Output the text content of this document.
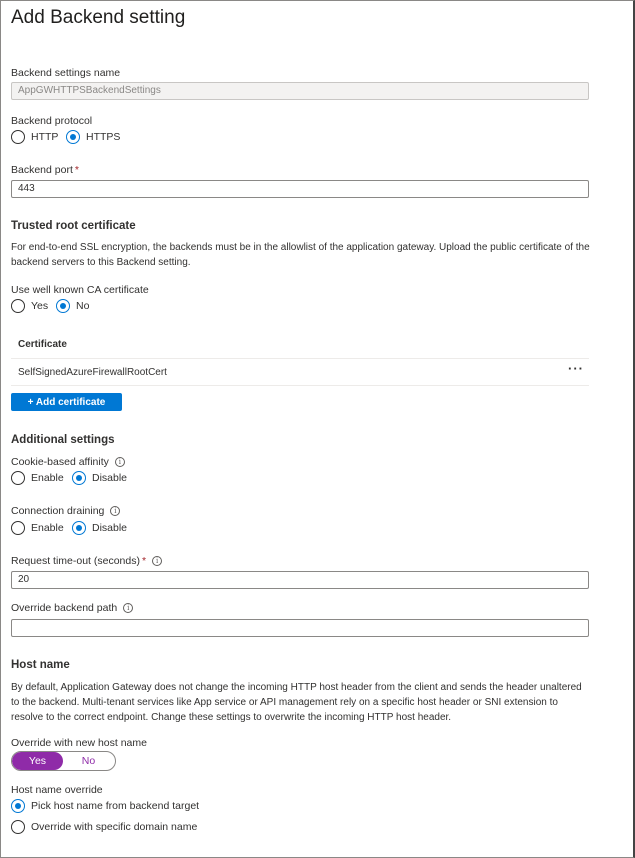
Add Backend setting
Backend settings name
AppGWHTTPSBackendSettings
Backend protocol
HTTP	HTTPS
Backend port *
443
Trusted root certificate
For end-to-end SSL encryption, the backends must be in the allowlist of the application gateway. Upload the public certificate of the backend servers to this Backend setting.
Use well known CA certificate
Yes	No
Certificate
SelfSignedAzureFirewallRootCert	···
+ Add certificate
Additional settings
Cookie-based affinity i
Enable	Disable
Connection draining i
Enable	Disable
Request time-out (seconds) * i
20
Override backend path i
Host name
By default, Application Gateway does not change the incoming HTTP host header from the client and sends the header unaltered to the backend. Multi-tenant services like App service or API management rely on a specific host header or SNI extension to resolve to the correct endpoint. Change these settings to overwrite the incoming HTTP host header.
Override with new host name
Yes	No
Host name override
Pick host name from backend target
Override with specific domain name
